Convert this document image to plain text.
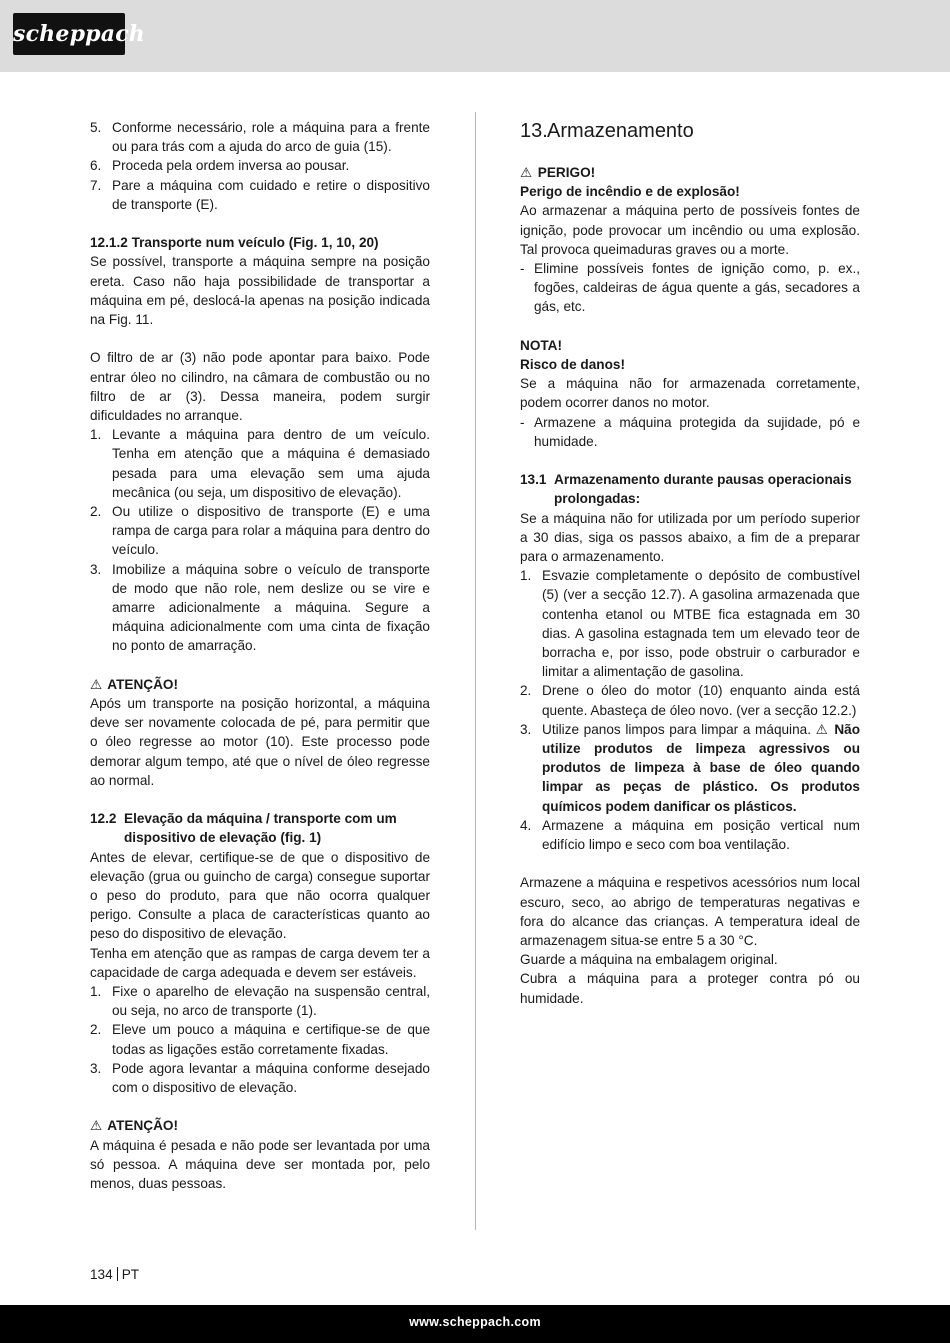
scheppach
5. Conforme necessário, role a máquina para a frente ou para trás com a ajuda do arco de guia (15).
6. Proceda pela ordem inversa ao pousar.
7. Pare a máquina com cuidado e retire o dispositivo de transporte (E).

12.1.2 Transporte num veículo (Fig. 1, 10, 20)

Se possível, transporte a máquina sempre na posição ereta. Caso não haja possibilidade de transportar a máquina em pé, deslocá-la apenas na posição indicada na Fig. 11.

O filtro de ar (3) não pode apontar para baixo. Pode entrar óleo no cilindro, na câmara de combustão ou no filtro de ar (3). Dessa maneira, podem surgir dificuldades no arranque.

1. Levante a máquina para dentro de um veículo. Tenha em atenção que a máquina é demasiado pesada para uma elevação sem uma ajuda mecânica (ou seja, um dispositivo de elevação).
2. Ou utilize o dispositivo de transporte (E) e uma rampa de carga para rolar a máquina para dentro do veículo.
3. Imobilize a máquina sobre o veículo de transporte de modo que não role, nem deslize ou se vire e amarre adicionalmente a máquina. Segure a máquina adicionalmente com uma cinta de fixação no ponto de amarração.

⚠ ATENÇÃO!

Após um transporte na posição horizontal, a máquina deve ser novamente colocada de pé, para permitir que o óleo regresse ao motor (10). Este processo pode demorar algum tempo, até que o nível de óleo regresse ao normal.

12.2 Elevação da máquina / transporte com um dispositivo de elevação (fig. 1)

Antes de elevar, certifique-se de que o dispositivo de elevação (grua ou guincho de carga) consegue suportar o peso do produto, para que não ocorra qualquer perigo. Consulte a placa de características quanto ao peso do dispositivo de elevação.

Tenha em atenção que as rampas de carga devem ter a capacidade de carga adequada e devem ser estáveis.

1. Fixe o aparelho de elevação na suspensão central, ou seja, no arco de transporte (1).
2. Eleve um pouco a máquina e certifique-se de que todas as ligações estão corretamente fixadas.
3. Pode agora levantar a máquina conforme desejado com o dispositivo de elevação.

⚠ ATENÇÃO!

A máquina é pesada e não pode ser levantada por uma só pessoa. A máquina deve ser montada por, pelo menos, duas pessoas.

13.Armazenamento

⚠ PERIGO!

Perigo de incêndio e de explosão!

Ao armazenar a máquina perto de possíveis fontes de ignição, pode provocar um incêndio ou uma explosão. Tal provoca queimaduras graves ou a morte.

- Elimine possíveis fontes de ignição como, p. ex., fogões, caldeiras de água quente a gás, secadores a gás, etc.

NOTA!

Risco de danos!

Se a máquina não for armazenada corretamente, podem ocorrer danos no motor.

- Armazene a máquina protegida da sujidade, pó e humidade.
13.1 Armazenamento durante pausas operacionais prolongadas:

Se a máquina não for utilizada por um período superior a 30 dias, siga os passos abaixo, a fim de a preparar para o armazenamento.

1. Esvazie completamente o depósito de combustível (5) (ver a secção 12.7). A gasolina armazenada que contenha etanol ou MTBE fica estagnada em 30 dias. A gasolina estagnada tem um elevado teor de borracha e, por isso, pode obstruir o carburador e limitar a alimentação de gasolina.
2. Drene o óleo do motor (10) enquanto ainda está quente. Abasteça de óleo novo. (ver a secção 12.2.)
3. Utilize panos limpos para limpar a máquina. ⚠ Não utilize produtos de limpeza agressivos ou produtos de limpeza à base de óleo quando limpar as peças de plástico. Os produtos químicos podem danificar os plásticos.
4. Armazene a máquina em posição vertical num edifício limpo e seco com boa ventilação.

Armazene a máquina e respetivos acessórios num local escuro, seco, ao abrigo de temperaturas negativas e fora do alcance das crianças. A temperatura ideal de armazenagem situa-se entre 5 a 30 °C.

Guarde a máquina na embalagem original.

Cubra a máquina para a proteger contra pó ou humidade.

134 PT
www.scheppach.com
